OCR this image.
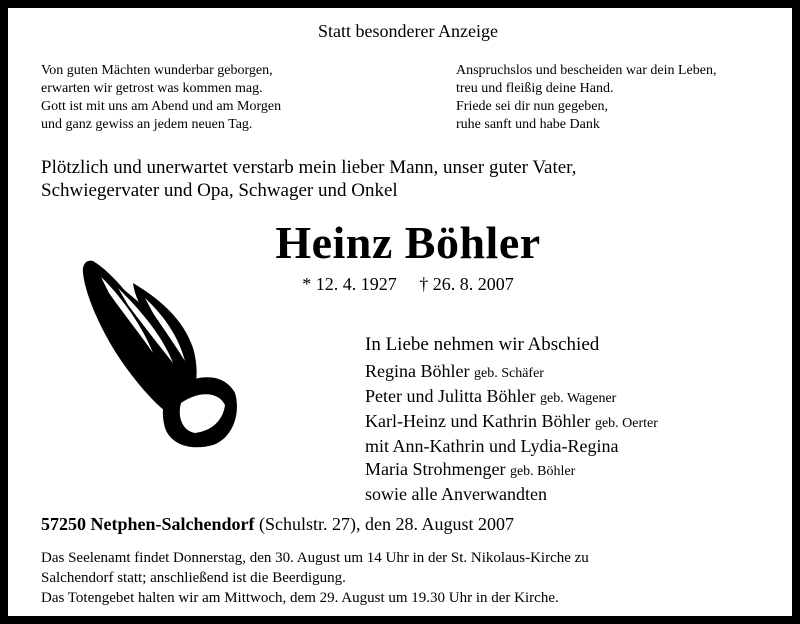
Statt besonderer Anzeige
Von guten Mächten wunderbar geborgen,
erwarten wir getrost was kommen mag.
Gott ist mit uns am Abend und am Morgen
und ganz gewiss an jedem neuen Tag.
Anspruchslos und bescheiden war dein Leben,
treu und fleißig deine Hand.
Friede sei dir nun gegeben,
ruhe sanft und habe Dank
Plötzlich und unerwartet verstarb mein lieber Mann, unser guter Vater,
Schwiegervater und Opa, Schwager und Onkel
Heinz Böhler
* 12. 4. 1927 † 26. 8. 2007
In Liebe nehmen wir Abschied
Regina Böhler geb. Schäfer
Peter und Julitta Böhler geb. Wagener
Karl-Heinz und Kathrin Böhler geb. Oerter
mit Ann-Kathrin und Lydia-Regina
Maria Strohmenger geb. Böhler
sowie alle Anverwandten
57250 Netphen-Salchendorf (Schulstr. 27), den 28. August 2007
Das Seelenamt findet Donnerstag, den 30. August um 14 Uhr in der St. Nikolaus-Kirche zu
Salchendorf statt; anschließend ist die Beerdigung.
Das Totengebet halten wir am Mittwoch, dem 29. August um 19.30 Uhr in der Kirche.
